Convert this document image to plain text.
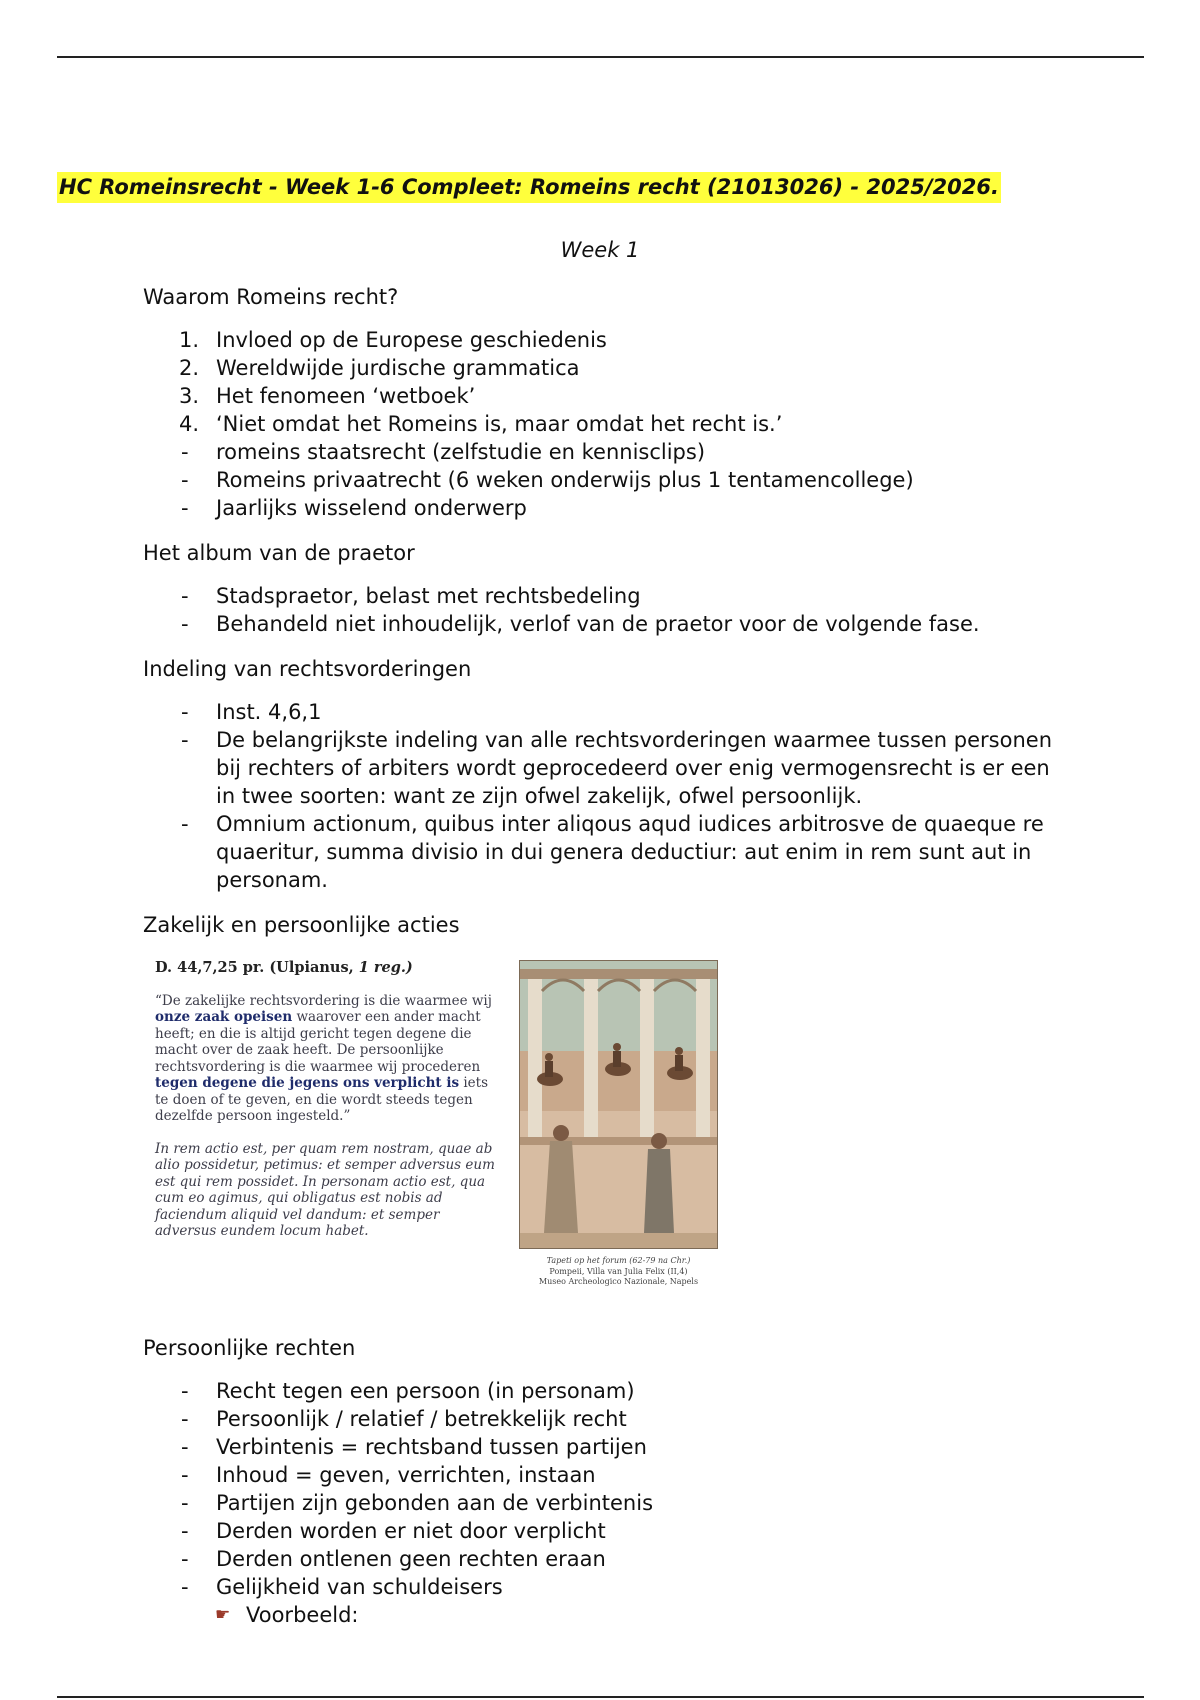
HC Romeinsrecht - Week 1-6 Compleet: Romeins recht (21013026) - 2025/2026.

Week 1

Waarom Romeins recht?

1. Invloed op de Europese geschiedenis
2. Wereldwijde jurdische grammatica
3. Het fenomeen ‘wetboek’
4. ‘Niet omdat het Romeins is, maar omdat het recht is.’
- romeins staatsrecht (zelfstudie en kennisclips)
- Romeins privaatrecht (6 weken onderwijs plus 1 tentamencollege)
- Jaarlijks wisselend onderwerp

Het album van de praetor

- Stadspraetor, belast met rechtsbedeling
- Behandeld niet inhoudelijk, verlof van de praetor voor de volgende fase.

Indeling van rechtsvorderingen

- Inst. 4,6,1
- De belangrijkste indeling van alle rechtsvorderingen waarmee tussen personen bij rechters of arbiters wordt geprocedeerd over enig vermogensrecht is er een in twee soorten: want ze zijn ofwel zakelijk, ofwel persoonlijk.
- Omnium actionum, quibus inter aliqous aqud iudices arbitrosve de quaeque re quaeritur, summa divisio in dui genera deductiur: aut enim in rem sunt aut in personam.

Zakelijk en persoonlijke acties

D. 44,7,25 pr. (Ulpianus, 1 reg.)

“De zakelijke rechtsvordering is die waarmee wij onze zaak opeisen waarover een ander macht heeft; en die is altijd gericht tegen degene die macht over de zaak heeft. De persoonlijke rechtsvordering is die waarmee wij procederen tegen degene die jegens ons verplicht is iets te doen of te geven, en die wordt steeds tegen dezelfde persoon ingesteld.”

In rem actio est, per quam rem nostram, quae ab alio possidetur, petimus: et semper adversus eum est qui rem possidet. In personam actio est, qua cum eo agimus, qui obligatus est nobis ad faciendum aliquid vel dandum: et semper adversus eundem locum habet.

Tapeti op het forum (62-79 na Chr.)
Pompeii, Villa van Julia Felix (II,4)
Museo Archeologico Nazionale, Napels

Persoonlijke rechten

- Recht tegen een persoon (in personam)
- Persoonlijk / relatief / betrekkelijk recht
- Verbintenis = rechtsband tussen partijen
- Inhoud = geven, verrichten, instaan
- Partijen zijn gebonden aan de verbintenis
- Derden worden er niet door verplicht
- Derden ontlenen geen rechten eraan
- Gelijkheid van schuldeisers
☛ Voorbeeld:
